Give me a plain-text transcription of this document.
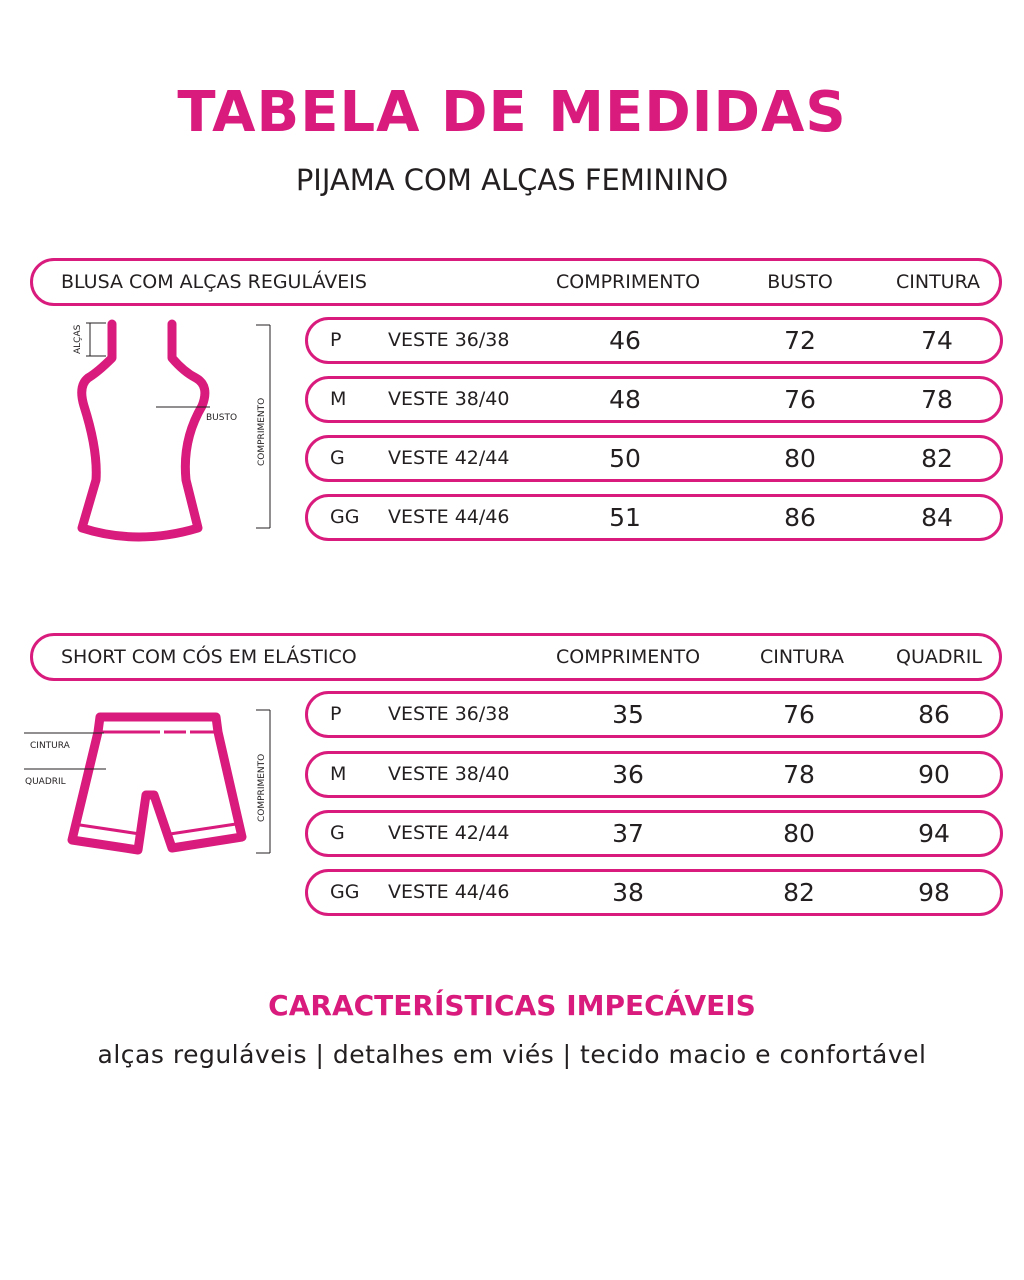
TABELA DE MEDIDAS
PIJAMA COM ALÇAS FEMININO
BLUSA COM ALÇAS REGULÁVEIS	COMPRIMENTO	BUSTO	CINTURA
P VESTE 36/38	46	72	74
M VESTE 38/40	48	76	78
G VESTE 42/44	50	80	82
GG VESTE 44/46	51	86	84
ALÇAS
BUSTO COMPRIMENTO
SHORT COM CÓS EM ELÁSTICO	COMPRIMENTO	CINTURA	QUADRIL
P VESTE 36/38	35	76	86
M VESTE 38/40	36	78	90
G VESTE 42/44	37	80	94
GG VESTE 44/46	38	82	98
CINTURA
QUADRIL	COMPRIMENTO
CARACTERÍSTICAS IMPECÁVEIS
alças reguláveis | detalhes em viés | tecido macio e confortável
